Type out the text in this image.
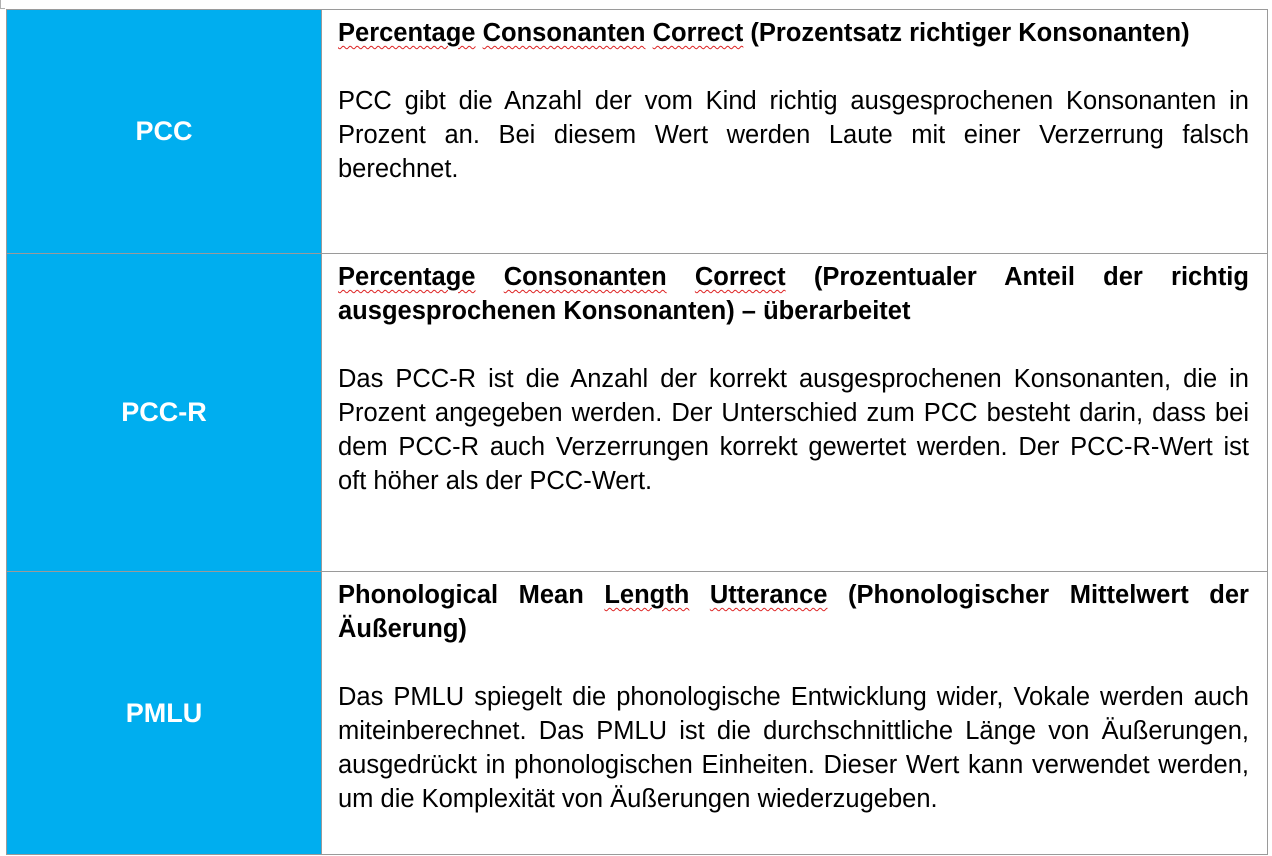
PCC	Percentage Consonanten Correct (Prozentsatz richtiger Konsonanten)

PCC gibt die Anzahl der vom Kind richtig ausgesprochenen Konsonanten in Prozent an. Bei diesem Wert werden Laute mit einer Verzerrung falsch berechnet.

PCC-R	Percentage Consonanten Correct (Prozentualer Anteil der richtig ausgesprochenen Konsonanten) – überarbeitet

Das PCC-R ist die Anzahl der korrekt ausgesprochenen Konsonanten, die in Prozent angegeben werden. Der Unterschied zum PCC besteht darin, dass bei dem PCC-R auch Verzerrungen korrekt gewertet werden. Der PCC-R-Wert ist oft höher als der PCC-Wert.

PMLU	Phonological Mean Length Utterance (Phonologischer Mittelwert der Äußerung)

Das PMLU spiegelt die phonologische Entwicklung wider, Vokale werden auch miteinberechnet. Das PMLU ist die durchschnittliche Länge von Äußerungen, ausgedrückt in phonologischen Einheiten. Dieser Wert kann verwendet werden, um die Komplexität von Äußerungen wiederzugeben.
